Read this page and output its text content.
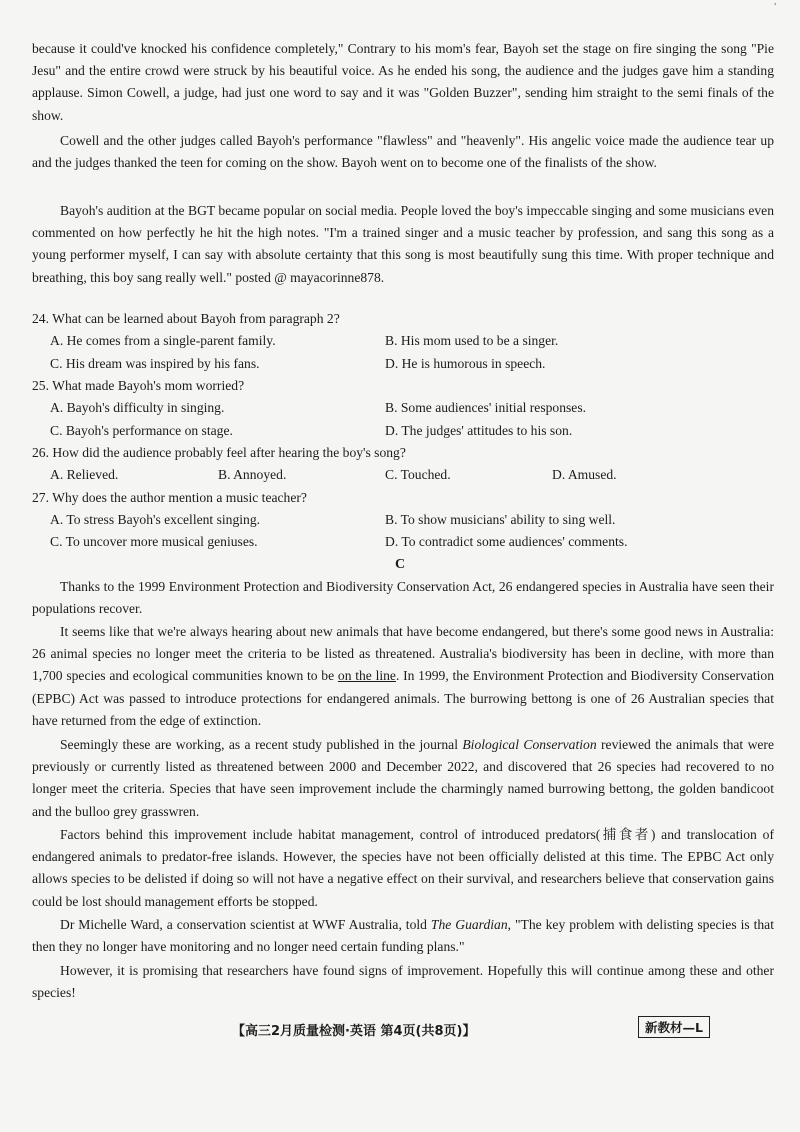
'

because it could've knocked his confidence completely," Contrary to his mom's fear, Bayoh set the stage on fire singing the song "Pie Jesu" and the entire crowd were struck by his beautiful voice. As he ended his song, the audience and the judges gave him a standing applause. Simon Cowell, a judge, had just one word to say and it was "Golden Buzzer", sending him straight to the semi finals of the show.

Cowell and the other judges called Bayoh's performance "flawless" and "heavenly". His angelic voice made the audience tear up and the judges thanked the teen for coming on the show. Bayoh went on to become one of the finalists of the show.

Bayoh's audition at the BGT became popular on social media. People loved the boy's impeccable singing and some musicians even commented on how perfectly he hit the high notes. "I'm a trained singer and a music teacher by profession, and sang this song as a young performer myself, I can say with absolute certainty that this song is most beautifully sung this time. With proper technique and breathing, this boy sang really well." posted @ mayacorinne878.

24. What can be learned about Bayoh from paragraph 2?
A. He comes from a single-parent family.	B. His mom used to be a singer.
C. His dream was inspired by his fans.	D. He is humorous in speech.
25. What made Bayoh's mom worried?
A. Bayoh's difficulty in singing.	B. Some audiences' initial responses.
C. Bayoh's performance on stage.	D. The judges' attitudes to his son.
26. How did the audience probably feel after hearing the boy's song?
A. Relieved.	B. Annoyed.	C. Touched.	D. Amused.
27. Why does the author mention a music teacher?
A. To stress Bayoh's excellent singing.	B. To show musicians' ability to sing well.
C. To uncover more musical geniuses.	D. To contradict some audiences' comments.
C

Thanks to the 1999 Environment Protection and Biodiversity Conservation Act, 26 endangered species in Australia have seen their populations recover.

It seems like that we're always hearing about new animals that have become endangered, but there's some good news in Australia: 26 animal species no longer meet the criteria to be listed as threatened. Australia's biodiversity has been in decline, with more than 1,700 species and ecological communities known to be on the line. In 1999, the Environment Protection and Biodiversity Conservation (EPBC) Act was passed to introduce protections for endangered animals. The burrowing bettong is one of 26 Australian species that have returned from the edge of extinction.

Seemingly these are working, as a recent study published in the journal Biological Conservation reviewed the animals that were previously or currently listed as threatened between 2000 and December 2022, and discovered that 26 species had recovered to no longer meet the criteria. Species that have seen improvement include the charmingly named burrowing bettong, the golden bandicoot and the bulloo grey grasswren.

Factors behind this improvement include habitat management, control of introduced predators(捕食者) and translocation of endangered animals to predator-free islands. However, the species have not been officially delisted at this time. The EPBC Act only allows species to be delisted if doing so will not have a negative effect on their survival, and researchers believe that conservation gains could be lost should management efforts be stopped.

Dr Michelle Ward, a conservation scientist at WWF Australia, told The Guardian, "The key problem with delisting species is that then they no longer have monitoring and no longer need certain funding plans."

However, it is promising that researchers have found signs of improvement. Hopefully this will continue among these and other species!

【高三2月质量检测·英语 第4页(共8页)】	新教材—L
